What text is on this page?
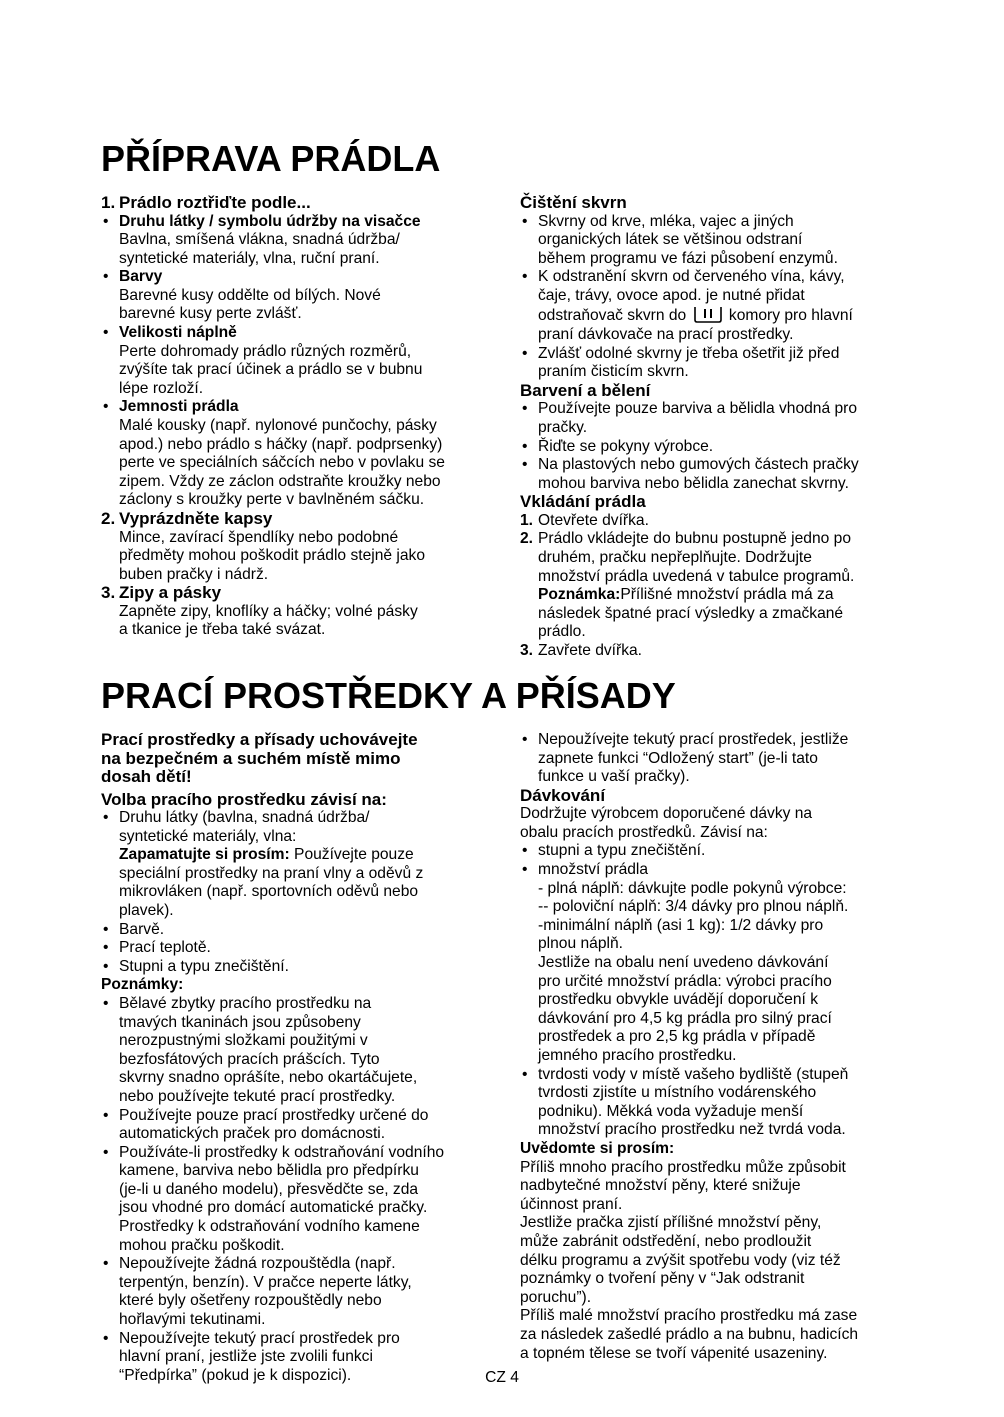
PŘÍPRAVA PRÁDLA
1. Prádlo roztřiďte podle...

• Druhu látky / symbolu údržby na visačce

Bavlna, smíšená vlákna, snadná údržba/

syntetické materiály, vlna, ruční praní.

• Barvy

Barevné kusy oddělte od bílých. Nové

barevné kusy perte zvlášť.

• Velikosti náplně

Perte dohromady prádlo různých rozměrů,

zvýšíte tak prací účinek a prádlo se v bubnu

lépe rozloží.

• Jemnosti prádla

Malé kousky (např. nylonové punčochy, pásky

apod.) nebo prádlo s háčky (např. podprsenky)

perte ve speciálních sáčcích nebo v povlaku se

zipem. Vždy ze záclon odstraňte kroužky nebo

záclony s kroužky perte v bavlněném sáčku.

2. Vyprázdněte kapsy

Mince, zavírací špendlíky nebo podobné

předměty mohou poškodit prádlo stejně jako

buben pračky i nádrž.

3. Zipy a pásky

Zapněte zipy, knoflíky a háčky; volné pásky

a tkanice je třeba také svázat.

Čištění skvrn

• Skvrny od krve, mléka, vajec a jiných

organických látek se většinou odstraní

během programu ve fázi působení enzymů.

• K odstranění skvrn od červeného vína, kávy,

čaje, trávy, ovoce apod. je nutné přidat

odstraňovač skvrn do	komory pro hlavní

praní dávkovače na prací prostředky.

• Zvlášť odolné skvrny je třeba ošetřit již před

praním čisticím skvrn.

Barvení a bělení

• Používejte pouze barviva a bělidla vhodná pro

pračky.

• Řiďte se pokyny výrobce.

• Na plastových nebo gumových částech pračky

mohou barviva nebo bělidla zanechat skvrny.

Vkládání prádla

1. Otevřete dvířka.

2. Prádlo vkládejte do bubnu postupně jedno po

druhém, pračku nepřeplňujte. Dodržujte

množství prádla uvedená v tabulce programů.

Poznámka:Přílišné množství prádla má za

následek špatné prací výsledky a zmačkané

prádlo.

3. Zavřete dvířka.

PRACÍ PROSTŘEDKY A PŘÍSADY

Prací prostředky a přísady uchovávejte

na bezpečném a suchém místě mimo

dosah dětí!

Volba pracího prostředku závisí na:

• Druhu látky (bavlna, snadná údržba/

syntetické materiály, vlna:

Zapamatujte si prosím: Používejte pouze

speciální prostředky na praní vlny a oděvů z

mikrovláken (např. sportovních oděvů nebo

plavek).

• Barvě.

• Prací teplotě.

• Stupni a typu znečištění.

Poznámky:

• Bělavé zbytky pracího prostředku na

tmavých tkaninách jsou způsobeny

nerozpustnými složkami použitými v

bezfosfátových pracích prášcích. Tyto

skvrny snadno oprášíte, nebo okartáčujete,

nebo používejte tekuté prací prostředky.

• Používejte pouze prací prostředky určené do

automatických praček pro domácnosti.

• Používáte-li prostředky k odstraňování vodního

kamene, barviva nebo bělidla pro předpírku

(je-li u daného modelu), přesvědčte se, zda

jsou vhodné pro domácí automatické pračky.

Prostředky k odstraňování vodního kamene

mohou pračku poškodit.

• Nepoužívejte žádná rozpouštědla (např.

terpentýn, benzín). V pračce neperte látky,

které byly ošetřeny rozpouštědly nebo

hořlavými tekutinami.

• Nepoužívejte tekutý prací prostředek pro

hlavní praní, jestliže jste zvolili funkci

“Předpírka” (pokud je k dispozici).

• Nepoužívejte tekutý prací prostředek, jestliže

zapnete funkci “Odložený start” (je-li tato

funkce u vaší pračky).

Dávkování

Dodržujte výrobcem doporučené dávky na

obalu pracích prostředků. Závisí na:

• stupni a typu znečištění.

• množství prádla

- plná náplň: dávkujte podle pokynů výrobce:

-- poloviční náplň: 3/4 dávky pro plnou náplň.

-minimální náplň (asi 1 kg): 1/2 dávky pro

plnou náplň.

Jestliže na obalu není uvedeno dávkování

pro určité množství prádla: výrobci pracího

prostředku obvykle uvádějí doporučení k

dávkování pro 4,5 kg prádla pro silný prací

prostředek a pro 2,5 kg prádla v případě

jemného pracího prostředku.

• tvrdosti vody v místě vašeho bydliště (stupeň

tvrdosti zjistíte u místního vodárenského

podniku). Měkká voda vyžaduje menší

množství pracího prostředku než tvrdá voda.

Uvědomte si prosím:

Příliš mnoho pracího prostředku může způsobit

nadbytečné množství pěny, které snižuje

účinnost praní.

Jestliže pračka zjistí přílišné množství pěny,

může zabránit odstředění, nebo prodloužit

délku programu a zvýšit spotřebu vody (viz též

poznámky o tvoření pěny v “Jak odstranit

poruchu”).

Příliš malé množství pracího prostředku má zase

za následek zašedlé prádlo a na bubnu, hadicích

a topném tělese se tvoří vápenité usazeniny.

CZ 4
